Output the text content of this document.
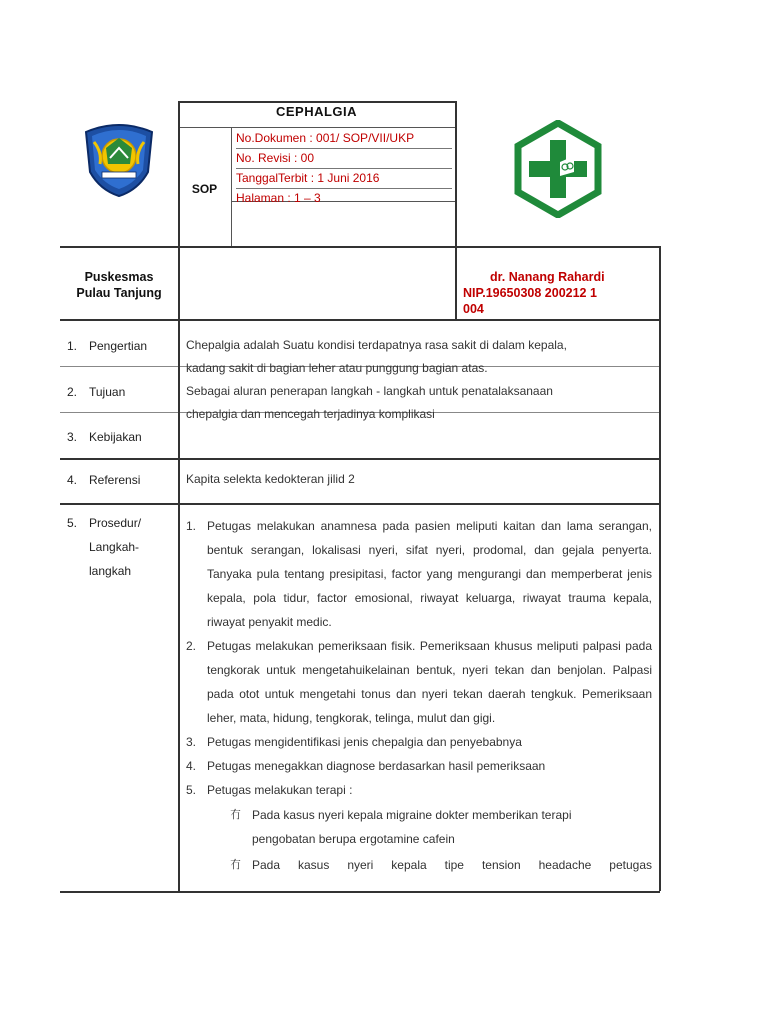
CEPHALGIA
SOP
No.Dokumen : 001/ SOP/VII/UKP
No. Revisi : 00
TanggalTerbit : 1 Juni 2016
Halaman : 1 – 3
Puskesmas
Pulau Tanjung
dr. Nanang Rahardi
NIP.19650308 200212 1
004
1. Pengertian
2. Tujuan
3. Kebijakan
4. Referensi
5. Prosedur/
Langkah-
langkah
Chepalgia adalah Suatu kondisi terdapatnya rasa sakit di dalam kepala,
kadang sakit di bagian leher atau punggung bagian atas.
Sebagai aluran penerapan langkah - langkah untuk penatalaksanaan
chepalgia dan mencegah terjadinya komplikasi
Kapita selekta kedokteran jilid 2
1. Petugas melakukan anamnesa pada pasien meliputi kaitan dan lama serangan, bentuk serangan, lokalisasi nyeri, sifat nyeri, prodomal, dan gejala penyerta. Tanyaka pula tentang presipitasi, factor yang mengurangi dan memperberat jenis kepala, pola tidur, factor emosional, riwayat keluarga, riwayat trauma kepala, riwayat penyakit medic.
2. Petugas melakukan pemeriksaan fisik. Pemeriksaan khusus meliputi palpasi pada tengkorak untuk mengetahuikelainan bentuk, nyeri tekan dan benjolan. Palpasi pada otot untuk mengetahi tonus dan nyeri tekan daerah tengkuk. Pemeriksaan leher, mata, hidung, tengkorak, telinga, mulut dan gigi.
3. Petugas mengidentifikasi jenis chepalgia dan penyebabnya
4. Petugas menegakkan diagnose berdasarkan hasil pemeriksaan
5. Petugas melakukan terapi :
冇 Pada kasus nyeri kepala migraine dokter memberikan terapi
pengobatan berupa ergotamine cafein
冇 Pada kasus nyeri kepala tipe tension headache petugas
